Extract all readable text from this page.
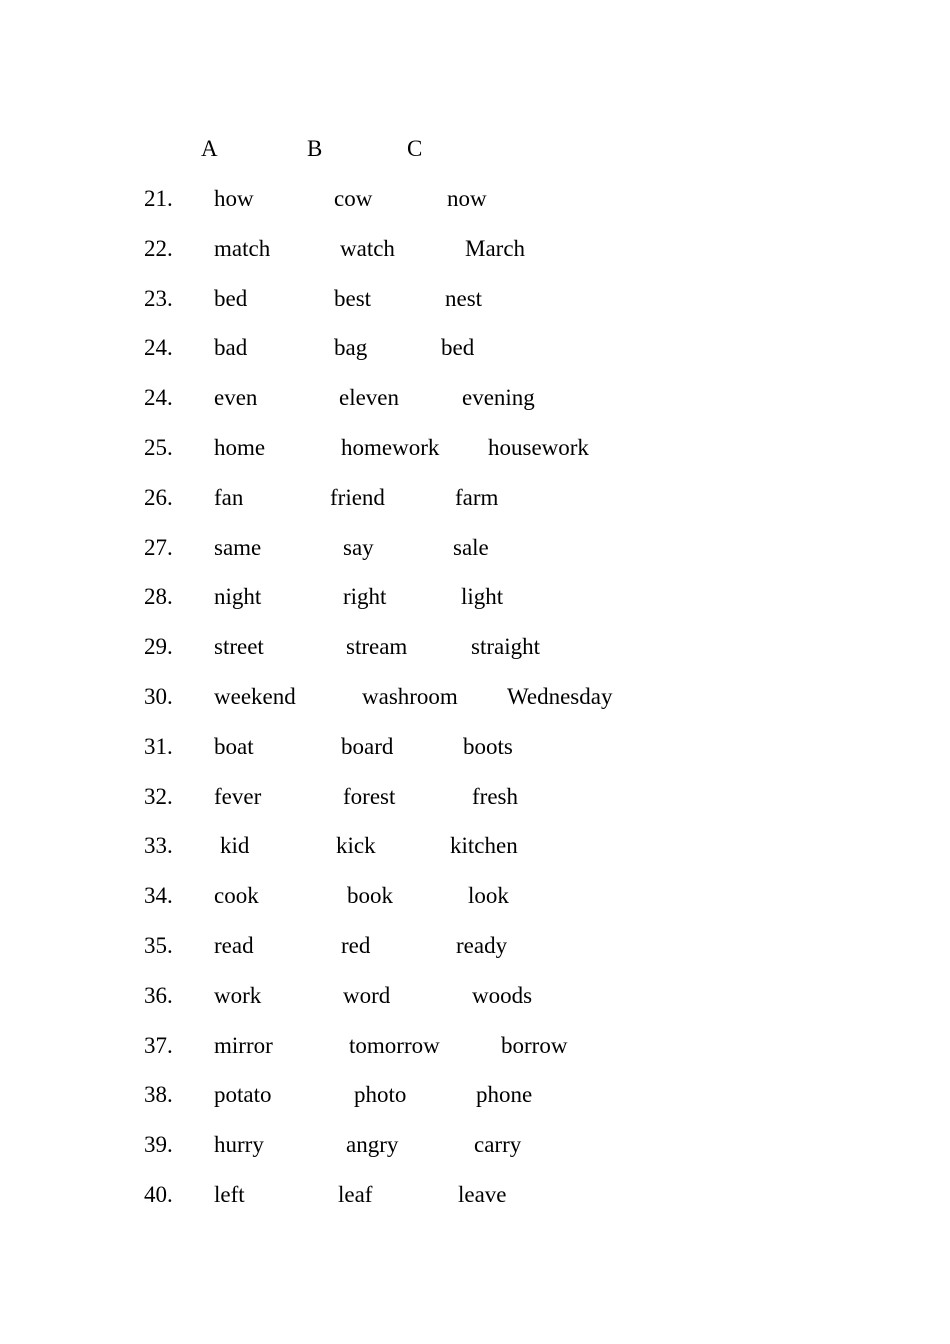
A	B	C
21. how	cow	now
22. match	watch	March
23. bed	best	nest
24. bad	bag	bed
24. even	eleven	evening
25. home	homework housework
26. fan	friend	farm
27. same	say	sale
28. night	right	light
29. street	stream	straight
30. weekend	washroom Wednesday
31. boat	board	boots
32. fever	forest	fresh
33. kid	kick	kitchen
34. cook	book	look
35. read	red	ready
36. work	word	woods
37. mirror	tomorrow	borrow
38. potato	photo	phone
39. hurry	angry	carry
40. left	leaf	leave
